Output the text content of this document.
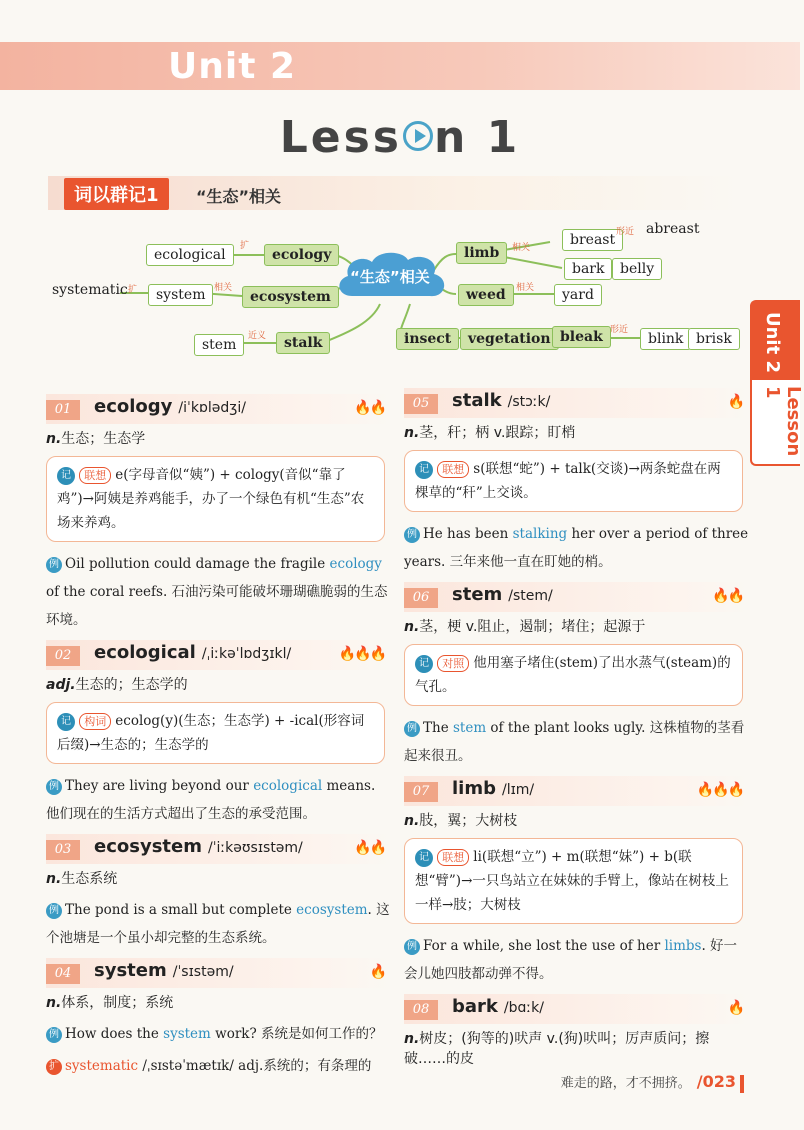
Unit 2
Less n 1
词以群记1	“生态”相关
“生态”相关
ecological
扩
ecology
systematic 扩	system 相关
ecosystem
stem
近义	stalk
limb	相关	breast 形近 abreast
bark	belly
weed	相关	yard
insect	vegetation bleak 形近
blink brisk	Unit 2
Lesson 1
01	ecology /iˈkɒlədʒi/	🔥🔥
n.生态；生态学
记 联想 e(字母音似“姨”) + cology(音似“靠了鸡”)→阿姨是养鸡能手，办了一个绿色有机“生态”农场来养鸡。
例 Oil pollution could damage the fragile ecology of the coral reefs. 石油污染可能破坏珊瑚礁脆弱的生态环境。
02	ecological /ˌiːkəˈlɒdʒɪkl/	🔥🔥🔥
adj.生态的；生态学的
记 构词 ecolog(y)(生态；生态学) + -ical(形容词后缀)→生态的；生态学的
例 They are living beyond our ecological means. 他们现在的生活方式超出了生态的承受范围。
03	ecosystem /ˈiːkəʊsɪstəm/	🔥🔥
n.生态系统
例 The pond is a small but complete ecosystem. 这个池塘是一个虽小却完整的生态系统。
04	system /ˈsɪstəm/	🔥
n.体系，制度；系统
例 How does the system work? 系统是如何工作的？
扩 systematic /ˌsɪstəˈmætɪk/ adj.系统的；有条理的
05	stalk /stɔːk/	🔥
n.茎，秆；柄 v.跟踪；盯梢
记 联想 s(联想“蛇”) + talk(交谈)→两条蛇盘在两棵草的“秆”上交谈。
例 He has been stalking her over a period of three years. 三年来他一直在盯她的梢。
06	stem /stem/	🔥🔥
n.茎，梗 v.阻止，遏制；堵住；起源于
记 对照 他用塞子堵住(stem)了出水蒸气(steam)的气孔。
例 The stem of the plant looks ugly. 这株植物的茎看起来很丑。
07	limb /lɪm/	🔥🔥🔥
n.肢，翼；大树枝
记 联想 li(联想“立”) + m(联想“妹”) + b(联想“臂”)→一只鸟站立在妹妹的手臂上，像站在树枝上一样→肢；大树枝
例 For a while, she lost the use of her limbs. 好一会儿她四肢都动弹不得。
08	bark /bɑːk/	🔥
n.树皮；(狗等的)吠声 v.(狗)吠叫；厉声质问；擦破……的皮
难走的路，才不拥挤。 /023
